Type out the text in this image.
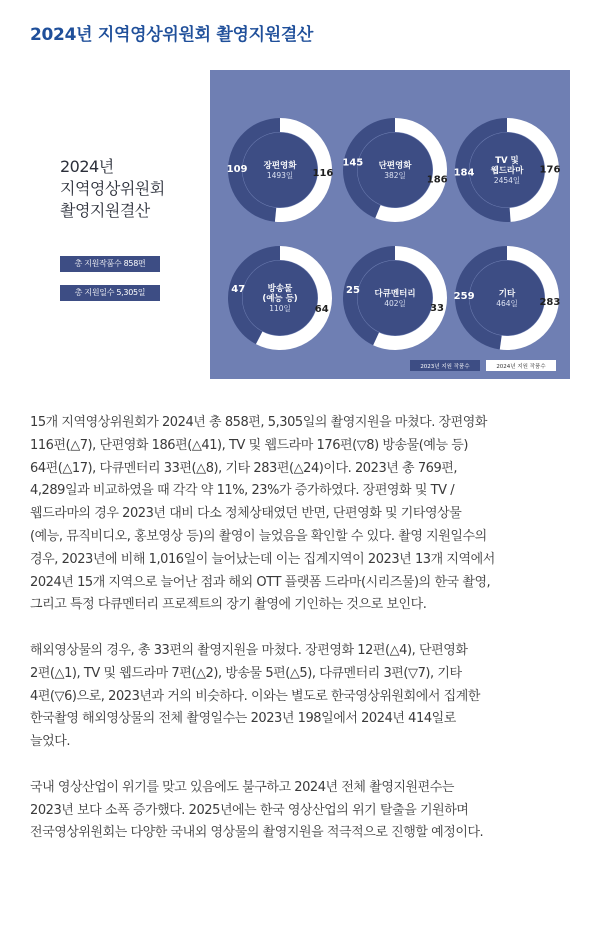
2024년 지역영상위원회 촬영지원결산
2024년
지역영상위원회
촬영지원결산
총 지원작품수 858편
총 지원일수 5,305일
116
109 장편영화
1493일	186
145 단편영화
382일
176
184
TV 및
웹드라마
2454일
64
47	방송물
(예능 등)
110일	33
25 다큐멘터리
402일	283
259	기타
464일
2023년 지원 작품수	2024년 지원 작품수

15개 지역영상위원회가 2024년 총 858편, 5,305일의 촬영지원을 마쳤다. 장편영화
116편(△7), 단편영화 186편(△41), TV 및 웹드라마 176편(▽8) 방송물(예능 등)
64편(△17), 다큐멘터리 33편(△8), 기타 283편(△24)이다. 2023년 총 769편,
4,289일과 비교하였을 때 각각 약 11%, 23%가 증가하였다. 장편영화 및 TV /
웹드라마의 경우 2023년 대비 다소 정체상태였던 반면, 단편영화 및 기타영상물
(예능, 뮤직비디오, 홍보영상 등)의 촬영이 늘었음을 확인할 수 있다. 촬영 지원일수의
경우, 2023년에 비해 1,016일이 늘어났는데 이는 집계지역이 2023년 13개 지역에서
2024년 15개 지역으로 늘어난 점과 해외 OTT 플랫폼 드라마(시리즈물)의 한국 촬영,
그리고 특정 다큐멘터리 프로젝트의 장기 촬영에 기인하는 것으로 보인다.

해외영상물의 경우, 총 33편의 촬영지원을 마쳤다. 장편영화 12편(△4), 단편영화
2편(△1), TV 및 웹드라마 7편(△2), 방송물 5편(△5), 다큐멘터리 3편(▽7), 기타
4편(▽6)으로, 2023년과 거의 비슷하다. 이와는 별도로 한국영상위원회에서 집계한
한국촬영 해외영상물의 전체 촬영일수는 2023년 198일에서 2024년 414일로
늘었다.

국내 영상산업이 위기를 맞고 있음에도 불구하고 2024년 전체 촬영지원편수는
2023년 보다 소폭 증가했다. 2025년에는 한국 영상산업의 위기 탈출을 기원하며
전국영상위원회는 다양한 국내외 영상물의 촬영지원을 적극적으로 진행할 예정이다.
